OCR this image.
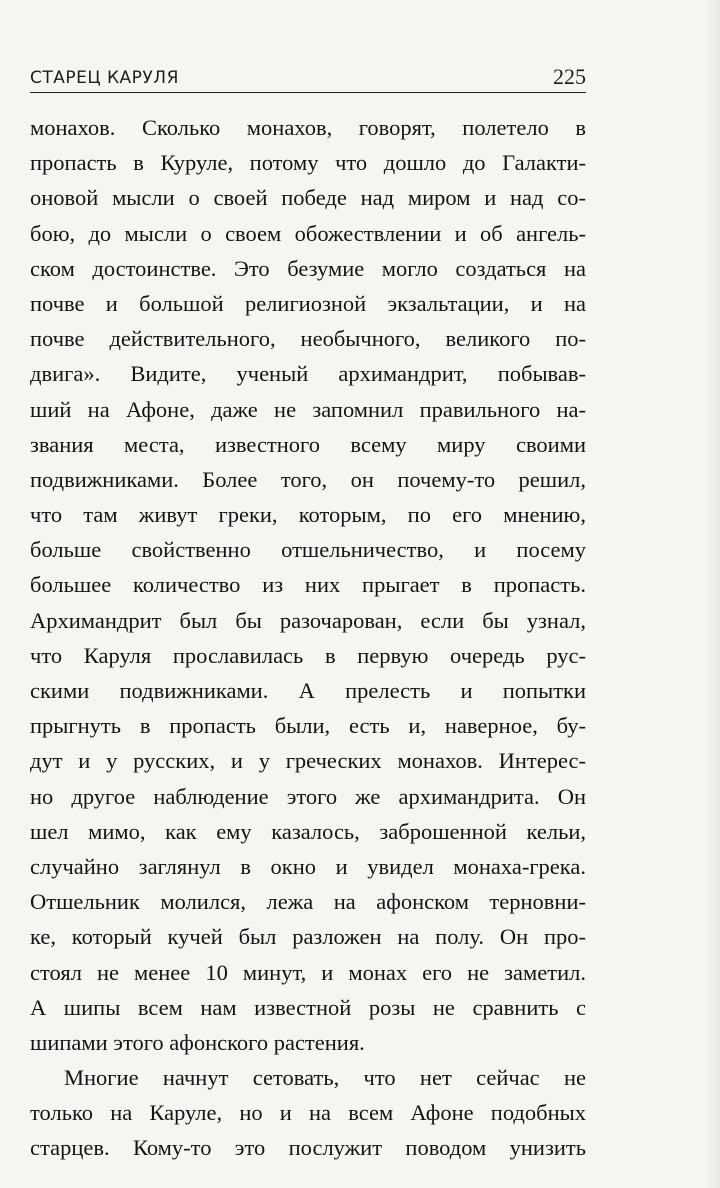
СТАРЕЦ КАРУЛЯ	225
монахов. Сколько монахов, говорят, полетело в
пропасть в Куруле, потому что дошло до Галакти-
оновой мысли о своей победе над миром и над со-
бою, до мысли о своем обожествлении и об ангель-
ском достоинстве. Это безумие могло создаться на
почве и большой религиозной экзальтации, и на
почве действительного, необычного, великого по-
двига». Видите, ученый архимандрит, побывав-
ший на Афоне, даже не запомнил правильного на-
звания места, известного всему миру своими
подвижниками. Более того, он почему-то решил,
что там живут греки, которым, по его мнению,
больше свойственно отшельничество, и посему
большее количество из них прыгает в пропасть.
Архимандрит был бы разочарован, если бы узнал,
что Каруля прославилась в первую очередь рус-
скими подвижниками. А прелесть и попытки
прыгнуть в пропасть были, есть и, наверное, бу-
дут и у русских, и у греческих монахов. Интерес-
но другое наблюдение этого же архимандрита. Он
шел мимо, как ему казалось, заброшенной кельи,
случайно заглянул в окно и увидел монаха-грека.
Отшельник молился, лежа на афонском терновни-
ке, который кучей был разложен на полу. Он про-
стоял не менее 10 минут, и монах его не заметил.
А шипы всем нам известной розы не сравнить с
шипами этого афонского растения.
Многие начнут сетовать, что нет сейчас не
только на Каруле, но и на всем Афоне подобных
старцев. Кому-то это послужит поводом унизить
